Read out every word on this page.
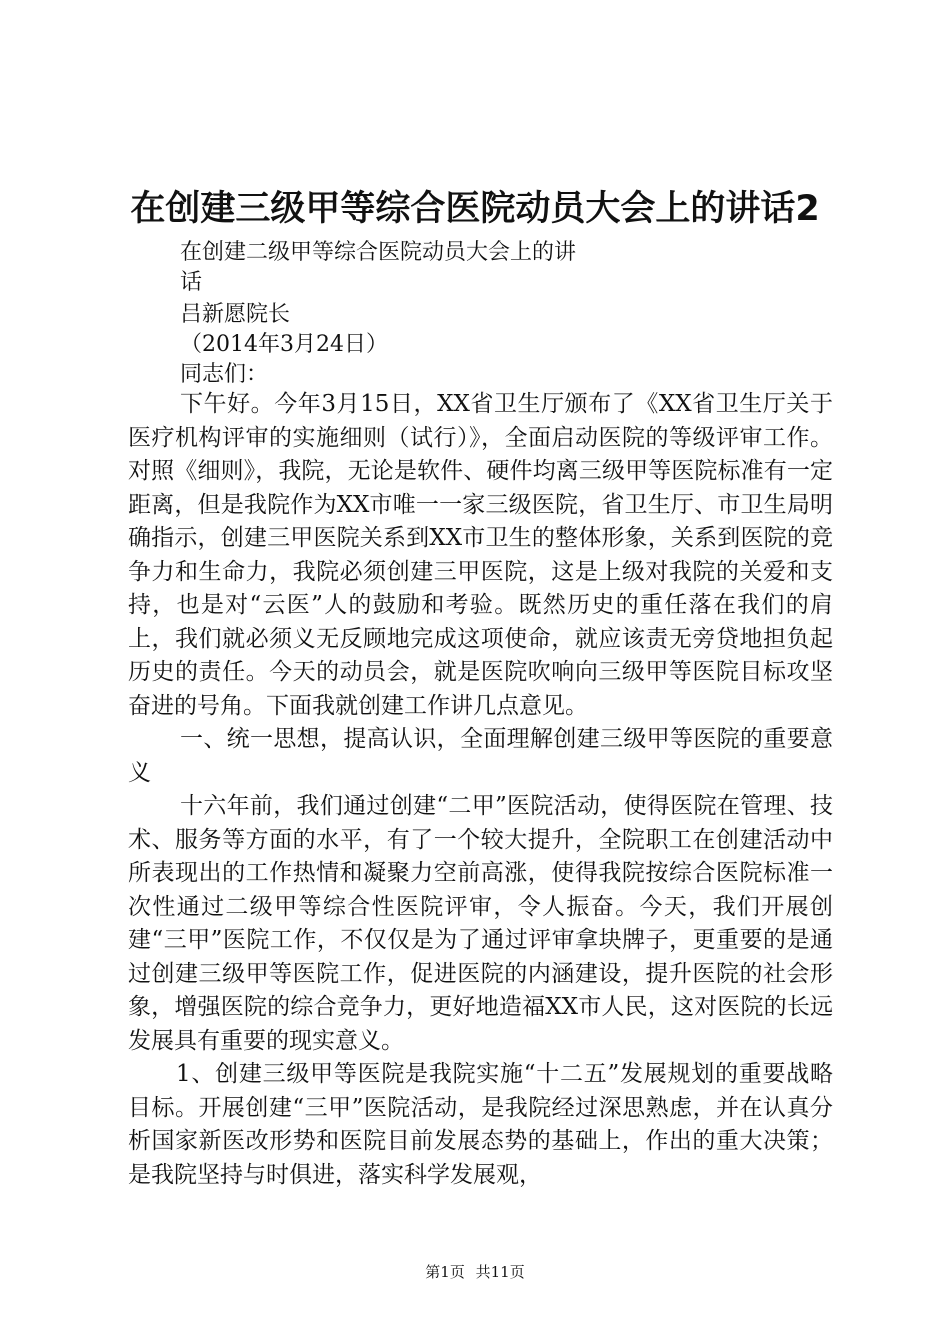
在创建三级甲等综合医院动员大会上的讲话2
在创建二级甲等综合医院动员大会上的讲
话
吕新愿院长
（2014年3月24日）
同志们：

下午好。今年3月15日，XX省卫生厅颁布了《XX省卫生厅关于医疗机构评审的实施细则（试行）》，全面启动医院的等级评审工作。对照《细则》，我院，无论是软件、硬件均离三级甲等医院标准有一定距离，但是我院作为XX市唯一一家三级医院，省卫生厅、市卫生局明确指示，创建三甲医院关系到XX市卫生的整体形象，关系到医院的竞争力和生命力，我院必须创建三甲医院，这是上级对我院的关爱和支持，也是对“云医”人的鼓励和考验。既然历史的重任落在我们的肩上，我们就必须义无反顾地完成这项使命，就应该责无旁贷地担负起历史的责任。今天的动员会，就是医院吹响向三级甲等医院目标攻坚奋进的号角。下面我就创建工作讲几点意见。

一、统一思想，提高认识，全面理解创建三级甲等医院的重要意义

十六年前，我们通过创建“二甲”医院活动，使得医院在管理、技术、服务等方面的水平，有了一个较大提升，全院职工在创建活动中所表现出的工作热情和凝聚力空前高涨，使得我院按综合医院标准一次性通过二级甲等综合性医院评审，令人振奋。今天，我们开展创建“三甲”医院工作，不仅仅是为了通过评审拿块牌子，更重要的是通过创建三级甲等医院工作，促进医院的内涵建设，提升医院的社会形象，增强医院的综合竞争力，更好地造福XX市人民，这对医院的长远发展具有重要的现实意义。

1、创建三级甲等医院是我院实施“十二五”发展规划的重要战略目标。开展创建“三甲”医院活动，是我院经过深思熟虑，并在认真分析国家新医改形势和医院目前发展态势的基础上，作出的重大决策；是我院坚持与时俱进，落实科学发展观，

第1页 共11页
